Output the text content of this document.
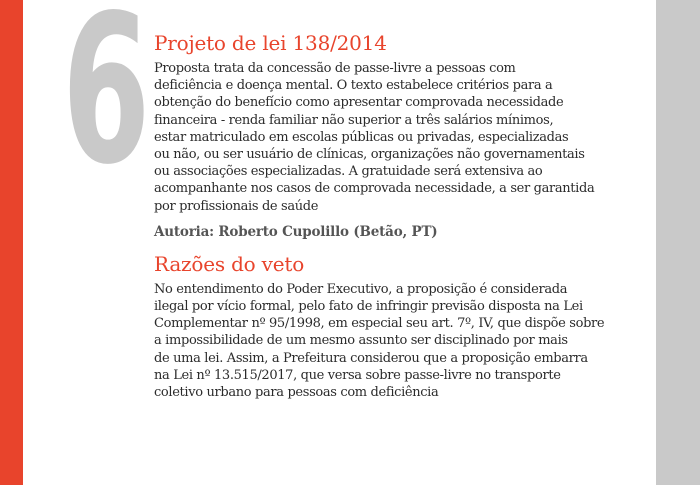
6 Projeto de lei 138/2014

Proposta trata da concessão de passe-livre a pessoas com
deficiência e doença mental. O texto estabelece critérios para a
obtenção do benefício como apresentar comprovada necessidade
financeira - renda familiar não superior a três salários mínimos,
estar matriculado em escolas públicas ou privadas, especializadas
ou não, ou ser usuário de clínicas, organizações não governamentais
ou associações especializadas. A gratuidade será extensiva ao
acompanhante nos casos de comprovada necessidade, a ser garantida
por profissionais de saúde

Autoria: Roberto Cupolillo (Betão, PT)

Razões do veto

No entendimento do Poder Executivo, a proposição é considerada
ilegal por vício formal, pelo fato de infringir previsão disposta na Lei
Complementar nº 95/1998, em especial seu art. 7º, IV, que dispõe sobre
a impossibilidade de um mesmo assunto ser disciplinado por mais
de uma lei. Assim, a Prefeitura considerou que a proposição embarra
na Lei nº 13.515/2017, que versa sobre passe-livre no transporte
coletivo urbano para pessoas com deficiência
